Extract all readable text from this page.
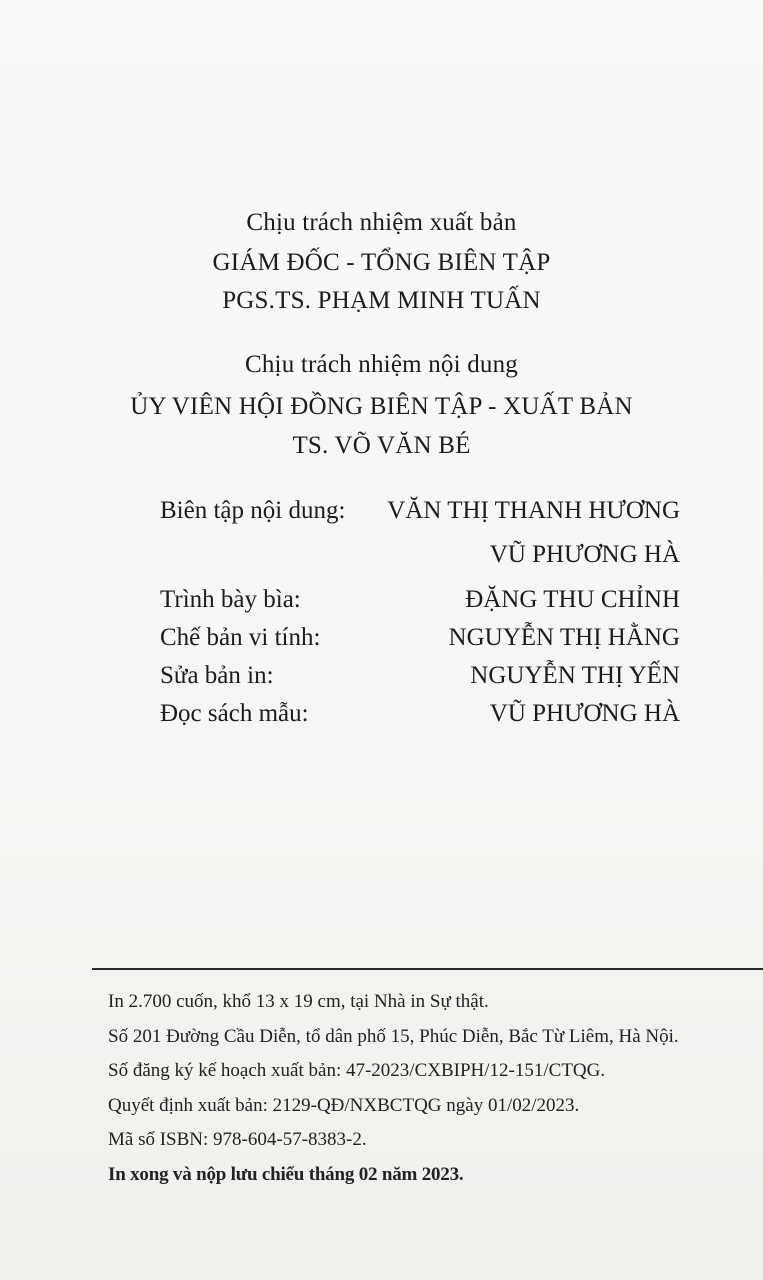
Chịu trách nhiệm xuất bản
GIÁM ĐỐC - TỔNG BIÊN TẬP
PGS.TS. PHẠM MINH TUẤN
Chịu trách nhiệm nội dung
ỦY VIÊN HỘI ĐỒNG BIÊN TẬP - XUẤT BẢN
TS. VÕ VĂN BÉ
Biên tập nội dung: VĂN THỊ THANH HƯƠNG
VŨ PHƯƠNG HÀ
Trình bày bìa:	ĐẶNG THU CHỈNH
Chế bản vi tính:	NGUYỄN THỊ HẰNG
Sửa bản in:	NGUYỄN THỊ YẾN
Đọc sách mẫu:	VŨ PHƯƠNG HÀ
In 2.700 cuốn, khổ 13 x 19 cm, tại Nhà in Sự thật.
Số 201 Đường Cầu Diễn, tổ dân phố 15, Phúc Diễn, Bắc Từ Liêm, Hà Nội.
Số đăng ký kế hoạch xuất bản: 47-2023/CXBIPH/12-151/CTQG.
Quyết định xuất bản: 2129-QĐ/NXBCTQG ngày 01/02/2023.
Mã số ISBN: 978-604-57-8383-2.
In xong và nộp lưu chiểu tháng 02 năm 2023.
